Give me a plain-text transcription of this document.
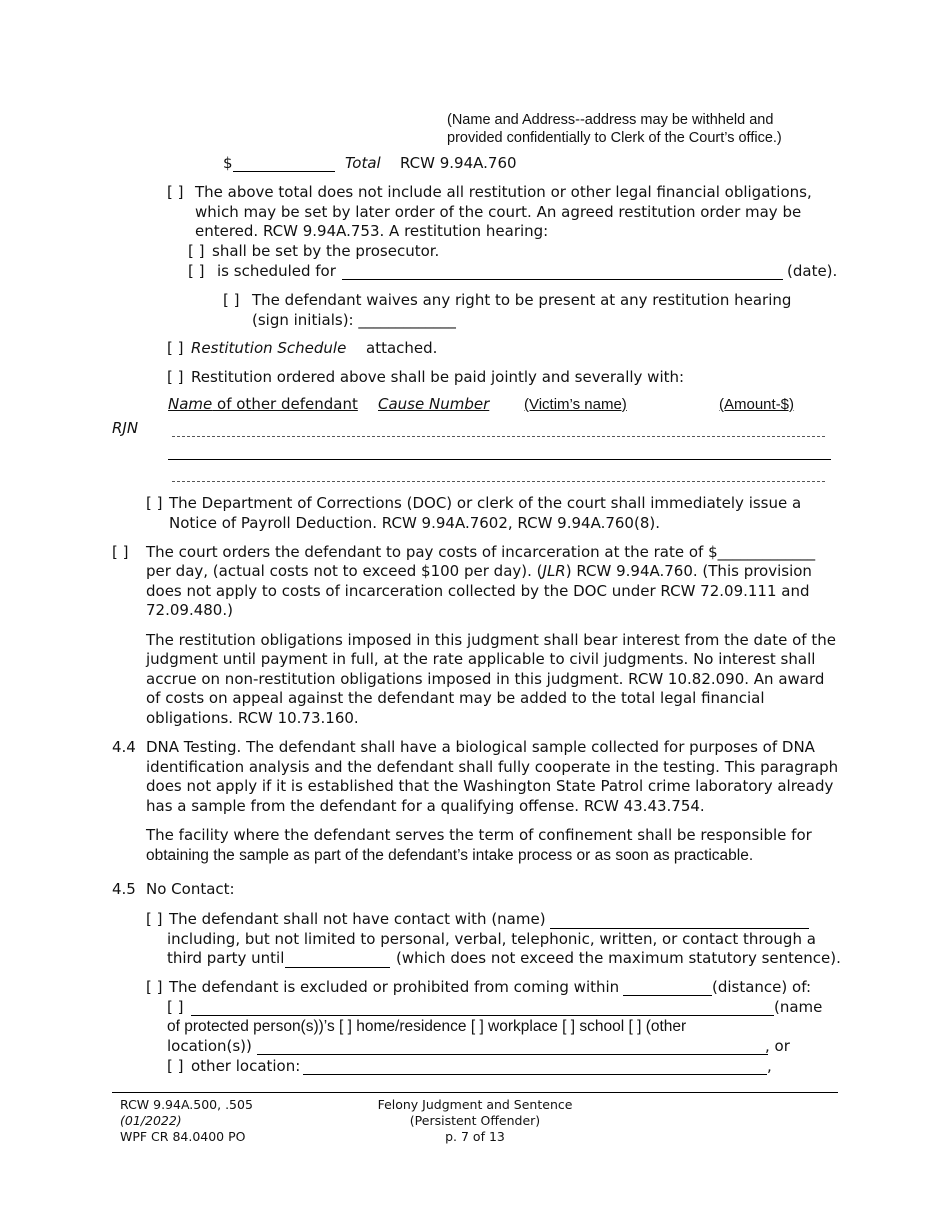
(Name and Address--address may be withheld and
provided confidentially to Clerk of the Court’s office.)
$	Total RCW 9.94A.760
[ ] The above total does not include all restitution or other legal financial obligations,
which may be set by later order of the court. An agreed restitution order may be
entered. RCW 9.94A.753. A restitution hearing:
[ ] shall be set by the prosecutor.
[ ] is scheduled for	(date).
[ ] The defendant waives any right to be present at any restitution hearing
(sign initials): _____________
[ ] Restitution Schedule attached.
[ ] Restitution ordered above shall be paid jointly and severally with:
Name of other defendant Cause Number (Victim’s name)	(Amount-$)
RJN
[ ] The Department of Corrections (DOC) or clerk of the court shall immediately issue a
Notice of Payroll Deduction. RCW 9.94A.7602, RCW 9.94A.760(8).
[ ] The court orders the defendant to pay costs of incarceration at the rate of $_____________
per day, (actual costs not to exceed $100 per day). (JLR) RCW 9.94A.760. (This provision
does not apply to costs of incarceration collected by the DOC under RCW 72.09.111 and
72.09.480.)
The restitution obligations imposed in this judgment shall bear interest from the date of the
judgment until payment in full, at the rate applicable to civil judgments. No interest shall
accrue on non-restitution obligations imposed in this judgment. RCW 10.82.090. An award
of costs on appeal against the defendant may be added to the total legal financial
obligations. RCW 10.73.160.
4.4 DNA Testing. The defendant shall have a biological sample collected for purposes of DNA
identification analysis and the defendant shall fully cooperate in the testing. This paragraph
does not apply if it is established that the Washington State Patrol crime laboratory already
has a sample from the defendant for a qualifying offense. RCW 43.43.754.
The facility where the defendant serves the term of confinement shall be responsible for
obtaining the sample as part of the defendant’s intake process or as soon as practicable.
4.5 No Contact:
[ ] The defendant shall not have contact with (name)
including, but not limited to personal, verbal, telephonic, written, or contact through a
third party until	(which does not exceed the maximum statutory sentence).
[ ] The defendant is excluded or prohibited from coming within	(distance) of:
[ ]	(name
of protected person(s))’s [ ] home/residence [ ] workplace [ ] school [ ] (other
location(s))	, or
[ ] other location:	,
RCW 9.94A.500, .505
(01/2022)
WPF CR 84.0400 PO
Felony Judgment and Sentence
(Persistent Offender)
p. 7 of 13
